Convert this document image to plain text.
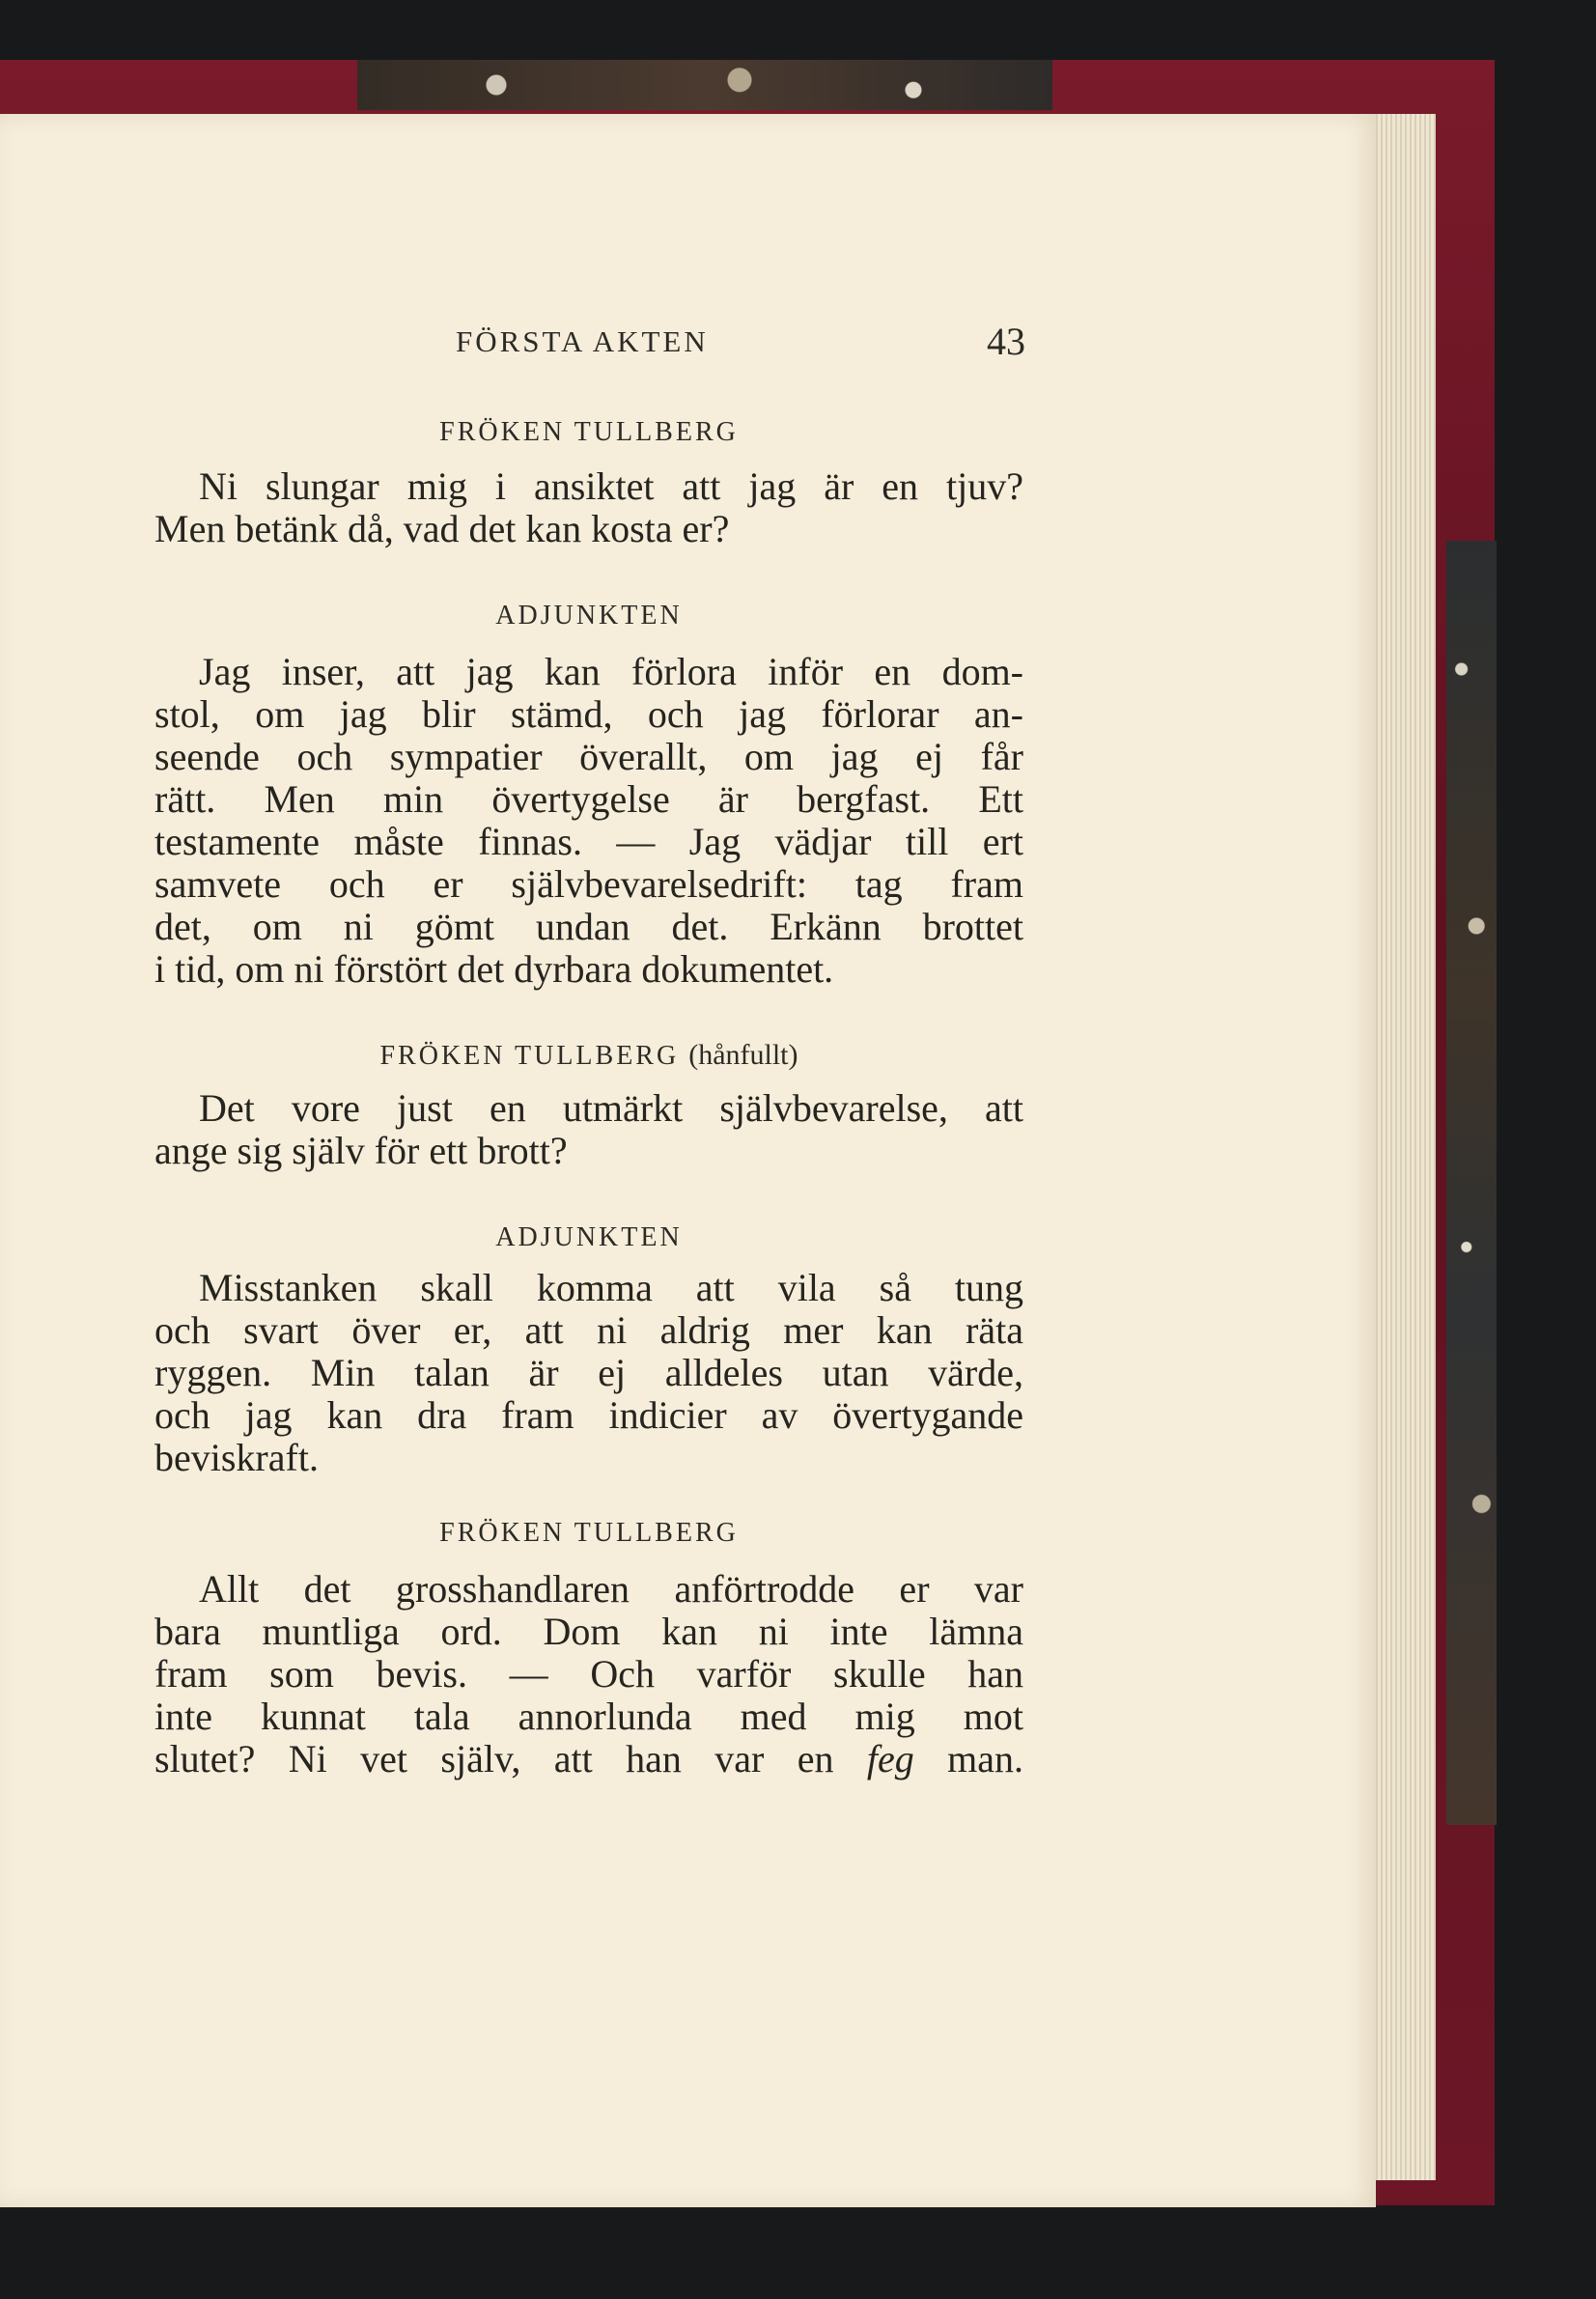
FÖRSTA AKTEN	43
FRÖKEN TULLBERG
Ni slungar mig i ansiktet att jag är en tjuv?
Men betänk då, vad det kan kosta er?
ADJUNKTEN
Jag inser, att jag kan förlora inför en dom-
stol, om jag blir stämd, och jag förlorar an-
seende och sympatier överallt, om jag ej får
rätt. Men min övertygelse är bergfast. Ett
testamente måste finnas. — Jag vädjar till ert
samvete och er självbevarelsedrift: tag fram
det, om ni gömt undan det. Erkänn brottet
i tid, om ni förstört det dyrbara dokumentet.
FRÖKEN TULLBERG (hånfullt)
Det vore just en utmärkt självbevarelse, att
ange sig själv för ett brott?
ADJUNKTEN
Misstanken skall komma att vila så tung
och svart över er, att ni aldrig mer kan räta
ryggen. Min talan är ej alldeles utan värde,
och jag kan dra fram indicier av övertygande
beviskraft.
FRÖKEN TULLBERG
Allt det grosshandlaren anförtrodde er var
bara muntliga ord. Dom kan ni inte lämna
fram som bevis. — Och varför skulle han
inte kunnat tala annorlunda med mig mot
slutet? Ni vet själv, att han var en feg man.
